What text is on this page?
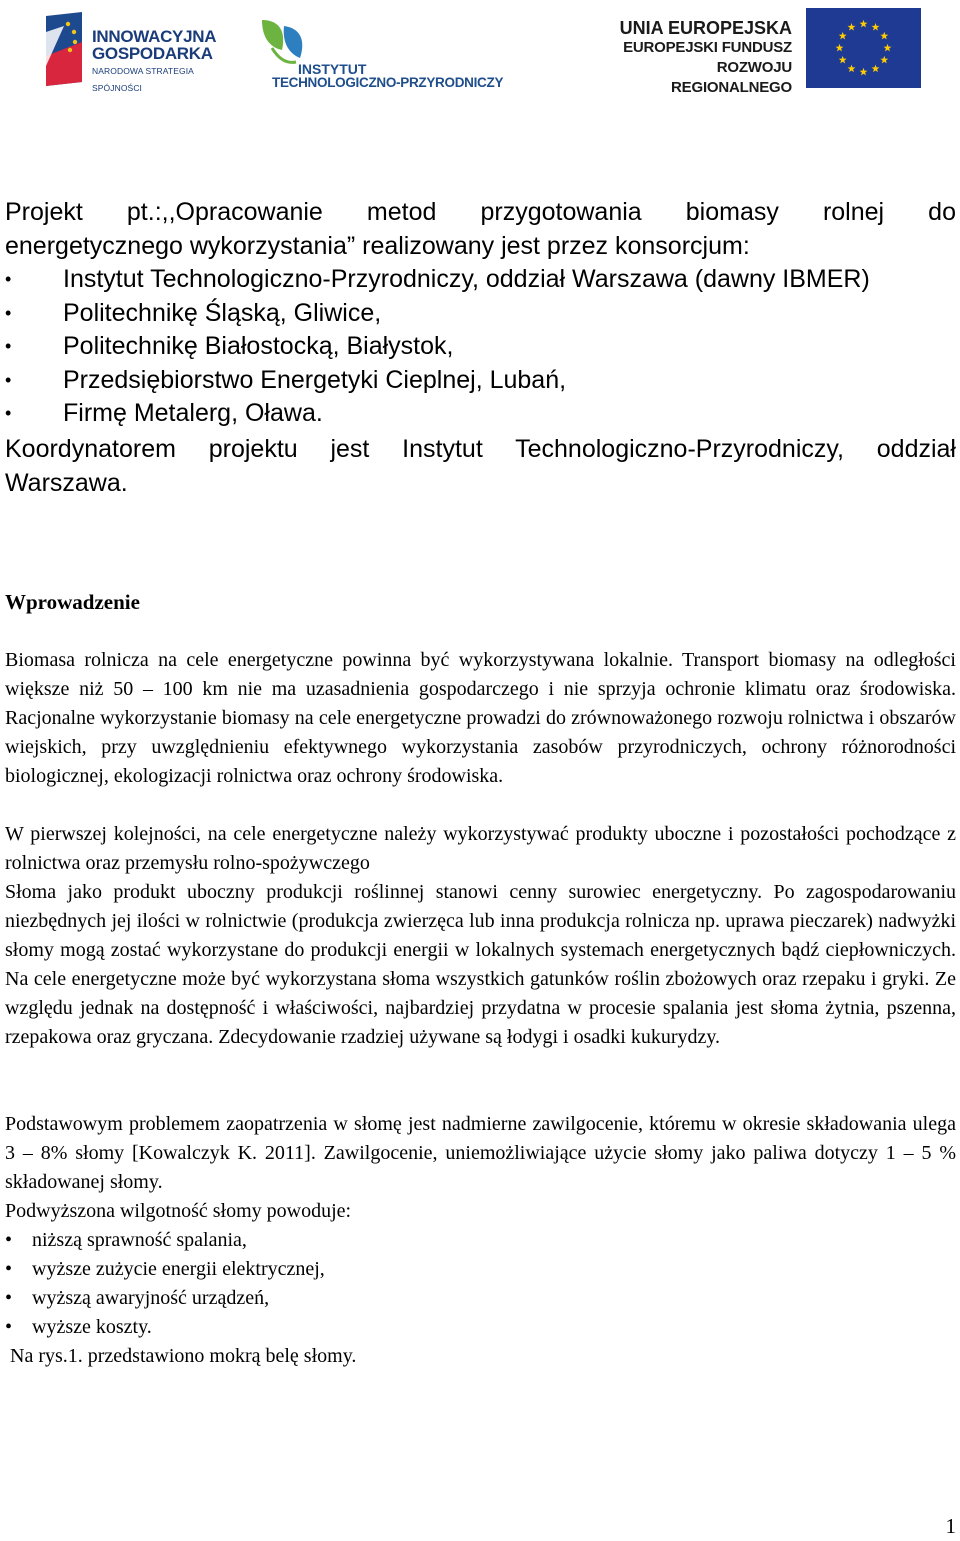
INNOWACYJNA
GOSPODARKA
NARODOWA STRATEGIA SPÓJNOŚCI
INSTYTUT
TECHNOLOGICZNO-PRZYRODNICZY
UNIA EUROPEJSKA
EUROPEJSKI FUNDUSZ
ROZWOJU REGIONALNEGO
Projekt pt.:,,Opracowanie metod przygotowania biomasy rolnej do
energetycznego wykorzystania” realizowany jest przez konsorcjum:
• Instytut Technologiczno-Przyrodniczy, oddział Warszawa (dawny IBMER)
• Politechnikę Śląską, Gliwice,
• Politechnikę Białostocką, Białystok,
• Przedsiębiorstwo Energetyki Cieplnej, Lubań,
• Firmę Metalerg, Oława.
Koordynatorem projektu jest Instytut Technologiczno-Przyrodniczy, oddział Warszawa.
Wprowadzenie
Biomasa rolnicza na cele energetyczne powinna być wykorzystywana lokalnie. Transport biomasy na odległości większe niż 50 – 100 km nie ma uzasadnienia gospodarczego i nie sprzyja ochronie klimatu oraz środowiska. Racjonalne wykorzystanie biomasy na cele energetyczne prowadzi do zrównoważonego rozwoju rolnictwa i obszarów wiejskich, przy uwzględnieniu efektywnego wykorzystania zasobów przyrodniczych, ochrony różnorodności biologicznej, ekologizacji rolnictwa oraz ochrony środowiska.
W pierwszej kolejności, na cele energetyczne należy wykorzystywać produkty uboczne i pozostałości pochodzące z rolnictwa oraz przemysłu rolno-spożywczego
Słoma jako produkt uboczny produkcji roślinnej stanowi cenny surowiec energetyczny. Po zagospodarowaniu niezbędnych jej ilości w rolnictwie (produkcja zwierzęca lub inna produkcja rolnicza np. uprawa pieczarek) nadwyżki słomy mogą zostać wykorzystane do produkcji energii w lokalnych systemach energetycznych bądź ciepłowniczych. Na cele energetyczne może być wykorzystana słoma wszystkich gatunków roślin zbożowych oraz rzepaku i gryki. Ze względu jednak na dostępność i właściwości, najbardziej przydatna w procesie spalania jest słoma żytnia, pszenna, rzepakowa oraz gryczana. Zdecydowanie rzadziej używane są łodygi i osadki kukurydzy.
Podstawowym problemem zaopatrzenia w słomę jest nadmierne zawilgocenie, któremu w okresie składowania ulega 3 – 8% słomy [Kowalczyk K. 2011]. Zawilgocenie, uniemożliwiające użycie słomy jako paliwa dotyczy 1 – 5 % składowanej słomy.
Podwyższona wilgotność słomy powoduje:
• niższą sprawność spalania,
• wyższe zużycie energii elektrycznej,
• wyższą awaryjność urządzeń,
• wyższe koszty.
Na rys.1. przedstawiono mokrą belę słomy.
1
